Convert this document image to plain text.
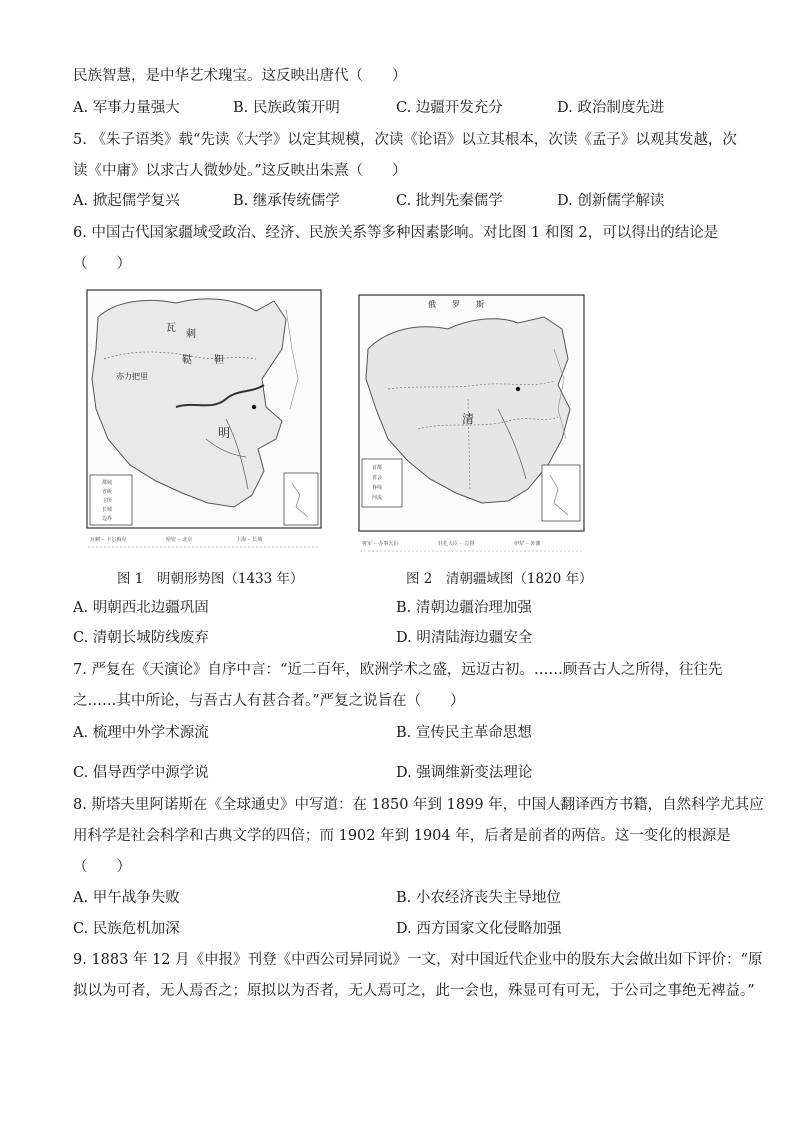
民族智慧，是中华艺术瑰宝。这反映出唐代（　　）
A. 军事力量强大	B. 民族政策开明	C. 边疆开发充分	D. 政治制度先进
5. 《朱子语类》载“先读《大学》以定其规模，次读《论语》以立其根本，次读《孟子》以观其发越，次
读《中庸》以求古人微妙处。”这反映出朱熹（　　）
A. 掀起儒学复兴	B. 继承传统儒学	C. 批判先秦儒学	D. 创新儒学解读
6. 中国古代国家疆域受政治、经济、民族关系等多种因素影响。对比图 1 和图 2，可以得出的结论是
（　　）
瓦
剌
鞑 靼
亦力把里
明
都城
省级
卫所
长城
边界
瓦剌 ·· 卡尔梅克	哈密 ·· 北京	上海 ·· 长城
图 1　明朝形势图（1433 年）
俄 罗 斯
清
首都
省会
界线
河流
将军 ·· 办事大臣	驻扎大臣 ·· 总督	伊犁 ·· 外藩
图 2　清朝疆域图（1820 年）
A. 明朝西北边疆巩固	B. 清朝边疆治理加强
C. 清朝长城防线废弃	D. 明清陆海边疆安全
7. 严复在《天演论》自序中言：“近二百年，欧洲学术之盛，远迈古初。……顾吾古人之所得，往往先
之……其中所论，与吾古人有甚合者。”严复之说旨在（　　）
A. 梳理中外学术源流	B. 宣传民主革命思想
C. 倡导西学中源学说	D. 强调维新变法理论
8. 斯塔夫里阿诺斯在《全球通史》中写道：在 1850 年到 1899 年，中国人翻译西方书籍，自然科学尤其应
用科学是社会科学和古典文学的四倍；而 1902 年到 1904 年，后者是前者的两倍。这一变化的根源是
（　　）
A. 甲午战争失败	B. 小农经济丧失主导地位
C. 民族危机加深	D. 西方国家文化侵略加强
9. 1883 年 12 月《申报》刊登《中西公司异同说》一文，对中国近代企业中的股东大会做出如下评价：“原
拟以为可者，无人焉否之；原拟以为否者，无人焉可之，此一会也，殊显可有可无，于公司之事绝无裨益。”
